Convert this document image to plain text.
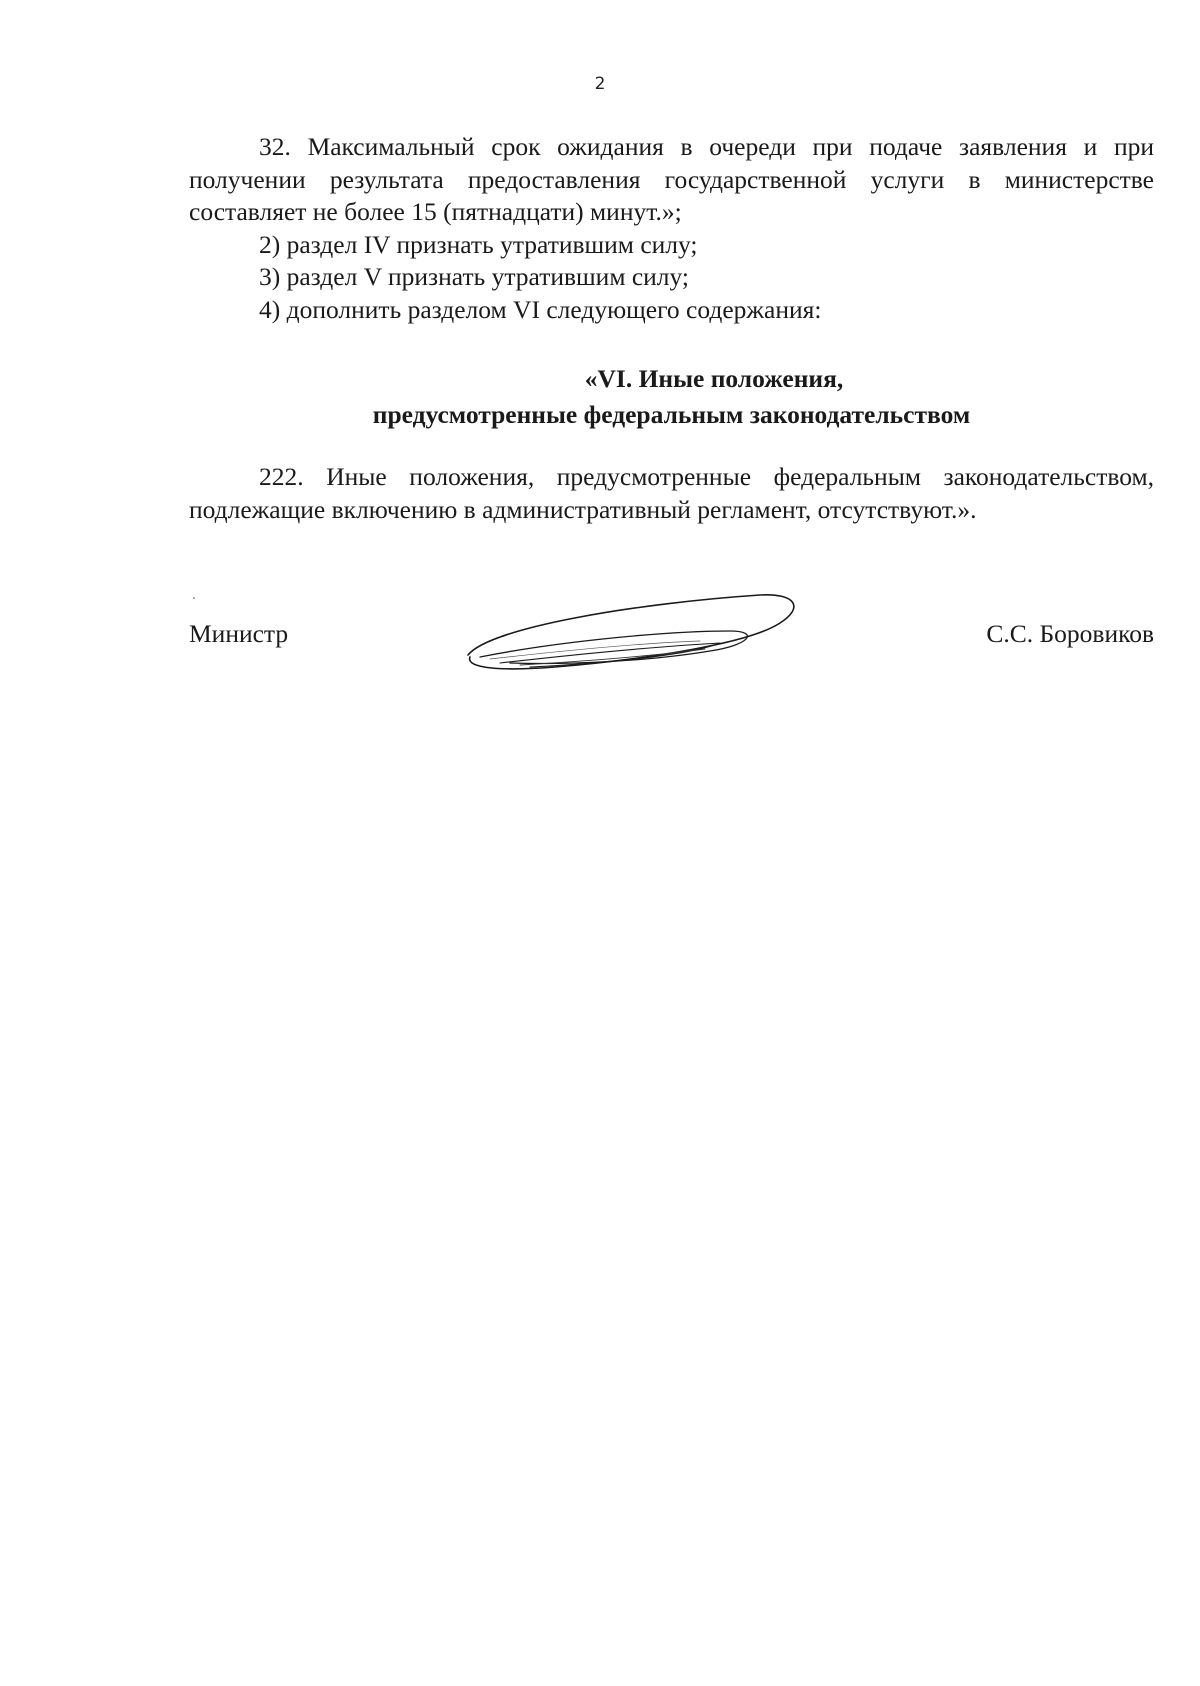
2

32. Максимальный срок ожидания в очереди при подаче заявления и при получении результата предоставления государственной услуги в министерстве составляет не более 15 (пятнадцати) минут.»;

2) раздел IV признать утратившим силу;

3) раздел V признать утратившим силу;

4) дополнить разделом VI следующего содержания:

«VI. Иные положения,
предусмотренные федеральным законодательством

222. Иные положения, предусмотренные федеральным законодательством, подлежащие включению в административный регламент, отсутствуют.».

Министр	С.С. Боровиков
